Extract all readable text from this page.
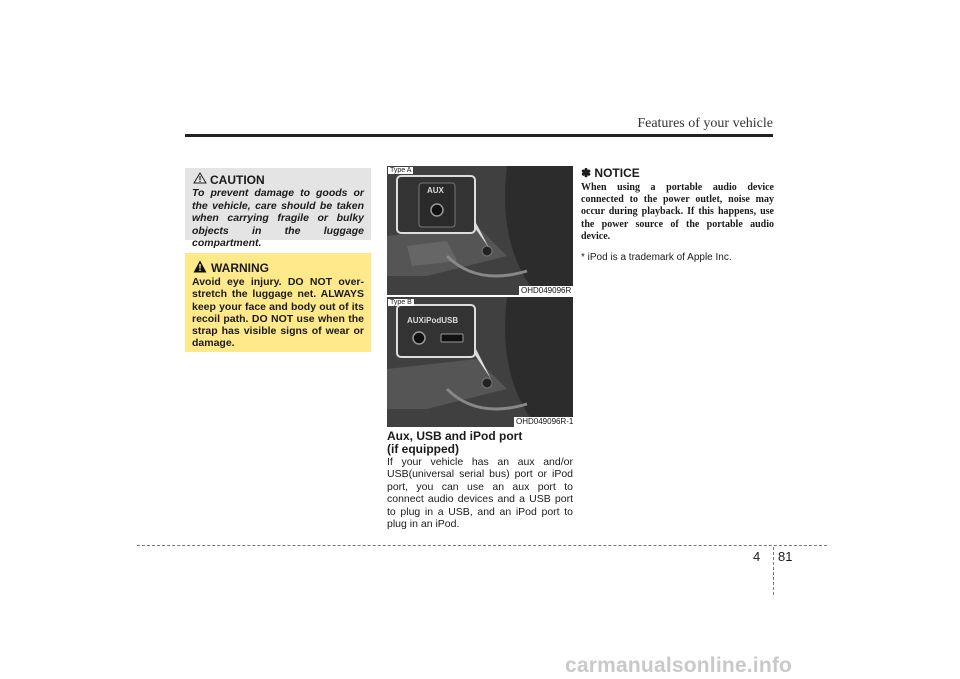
Features of your vehicle
CAUTION
To prevent damage to goods or the vehicle, care should be taken when carrying fragile or bulky objects in the luggage compartment.
WARNING
Avoid eye injury. DO NOT over-stretch the luggage net. ALWAYS keep your face and body out of its recoil path. DO NOT use when the strap has visible signs of wear or damage.
Type A
AUX
OHD049096R
Type B
AUXiPodUSB
OHD049096R-1
Aux, USB and iPod port
(if equipped)
If your vehicle has an aux and/or USB(universal serial bus) port or iPod port, you can use an aux port to connect audio devices and a USB port to plug in a USB, and an iPod port to plug in an iPod.
✽ NOTICE
When using a portable audio device connected to the power outlet, noise may occur during playback. If this happens, use the power source of the portable audio device.
* iPod is a trademark of Apple Inc.
4 81
carmanualsonline.info
